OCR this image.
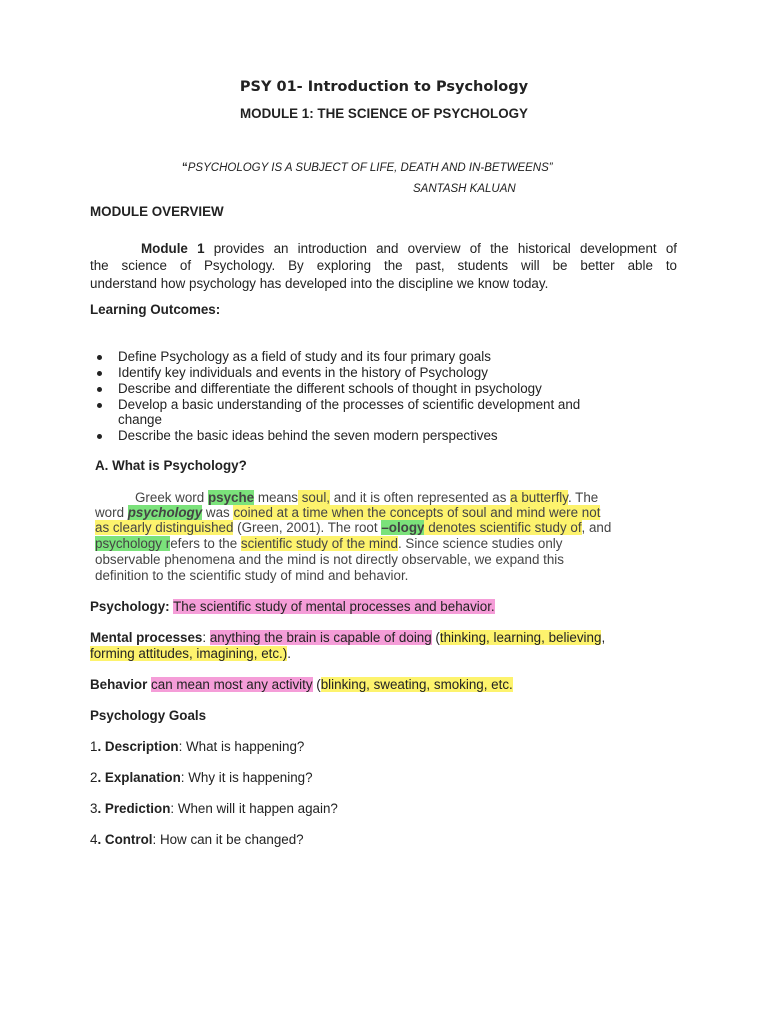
PSY 01- Introduction to Psychology
MODULE 1: THE SCIENCE OF PSYCHOLOGY
“PSYCHOLOGY IS A SUBJECT OF LIFE, DEATH AND IN-BETWEENS”
SANTASH KALUAN
MODULE OVERVIEW
Module 1 provides an introduction and overview of the historical development of
the science of Psychology. By exploring the past, students will be better able to
understand how psychology has developed into the discipline we know today.
Learning Outcomes:
Define Psychology as a field of study and its four primary goals
Identify key individuals and events in the history of Psychology
Describe and differentiate the different schools of thought in psychology
Develop a basic understanding of the processes of scientific development and
change
Describe the basic ideas behind the seven modern perspectives
A. What is Psychology?
Greek word psyche means soul, and it is often represented as a butterfly. The
word psychology was coined at a time when the concepts of soul and mind were not
as clearly distinguished (Green, 2001). The root –ology denotes scientific study of, and
psychology refers to the scientific study of the mind. Since science studies only
observable phenomena and the mind is not directly observable, we expand this
definition to the scientific study of mind and behavior.
Psychology: The scientific study of mental processes and behavior.
Mental processes: anything the brain is capable of doing (thinking, learning, believing,
forming attitudes, imagining, etc.).
Behavior can mean most any activity (blinking, sweating, smoking, etc.
Psychology Goals
1. Description: What is happening?
2. Explanation: Why it is happening?
3. Prediction: When will it happen again?
4. Control: How can it be changed?
